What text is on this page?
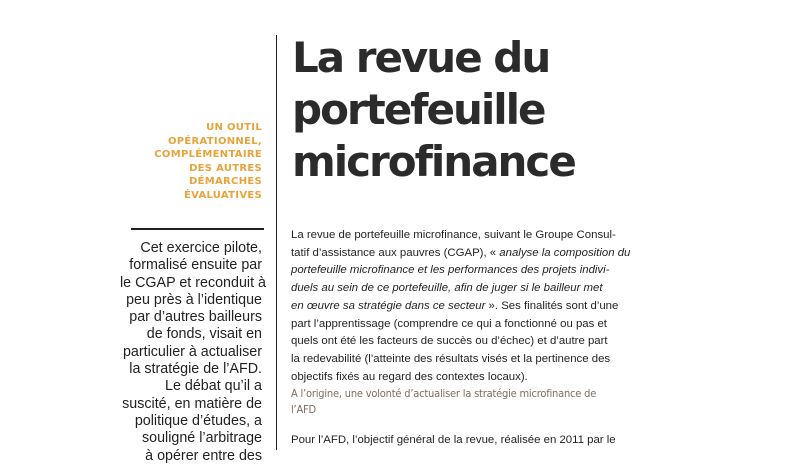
La revue du
portefeuille
microfinance
UN OUTIL
OPÉRATIONNEL,
COMPLÉMENTAIRE
DES AUTRES
DÉMARCHES
ÉVALUATIVES
Cet exercice pilote,
formalisé ensuite par
le CGAP et reconduit à
peu près à l’identique
par d’autres bailleurs
de fonds, visait en
particulier à actualiser
la stratégie de l’AFD.
Le débat qu’il a
suscité, en matière de
politique d’études, a
souligné l’arbitrage
à opérer entre des
La revue de portefeuille microfinance, suivant le Groupe Consul-
tatif d’assistance aux pauvres (CGAP), « analyse la composition du
portefeuille microfinance et les performances des projets indivi-
duels au sein de ce portefeuille, afin de juger si le bailleur met
en œuvre sa stratégie dans ce secteur ». Ses finalités sont d’une
part l’apprentissage (comprendre ce qui a fonctionné ou pas et
quels ont été les facteurs de succès ou d’échec) et d’autre part
la redevabilité (l’atteinte des résultats visés et la pertinence des
objectifs fixés au regard des contextes locaux).
A l’origine, une volonté d’actualiser la stratégie microfinance de
l’AFD
Pour l’AFD, l’objectif général de la revue, réalisée en 2011 par le
